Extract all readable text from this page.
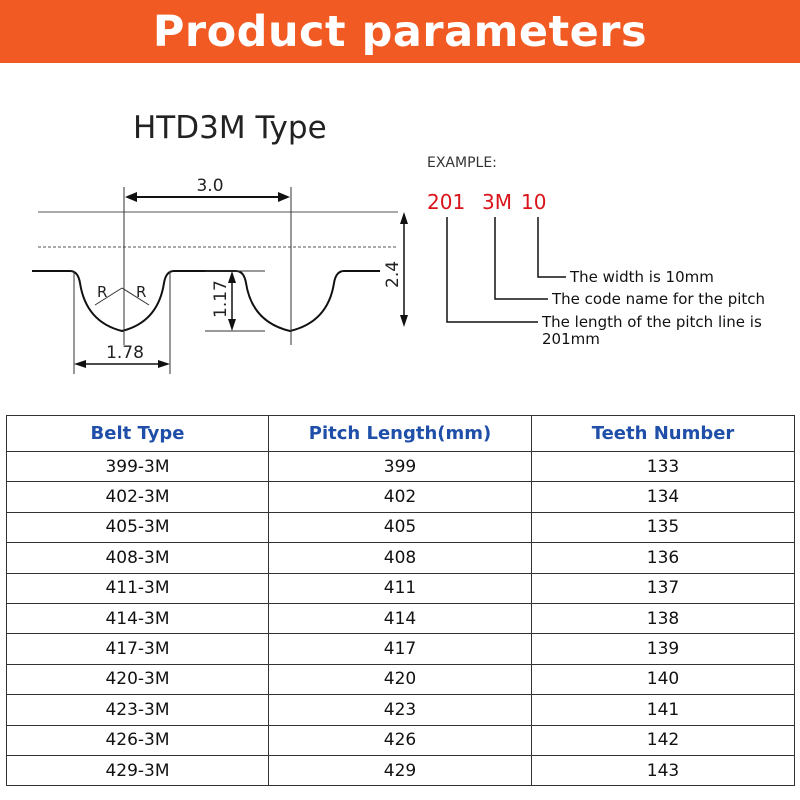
Product parameters
HTD3M Type
3.0
2.4
1.17
1.78
R R
EXAMPLE:
201 3M 10
The width is 10mm
The code name for the pitch
The length of the pitch line is
201mm
Belt Type	Pitch Length(mm)	Teeth Number
399-3M	399	133
402-3M	402	134
405-3M	405	135
408-3M	408	136
411-3M	411	137
414-3M	414	138
417-3M	417	139
420-3M	420	140
423-3M	423	141
426-3M	426	142
429-3M	429	143
